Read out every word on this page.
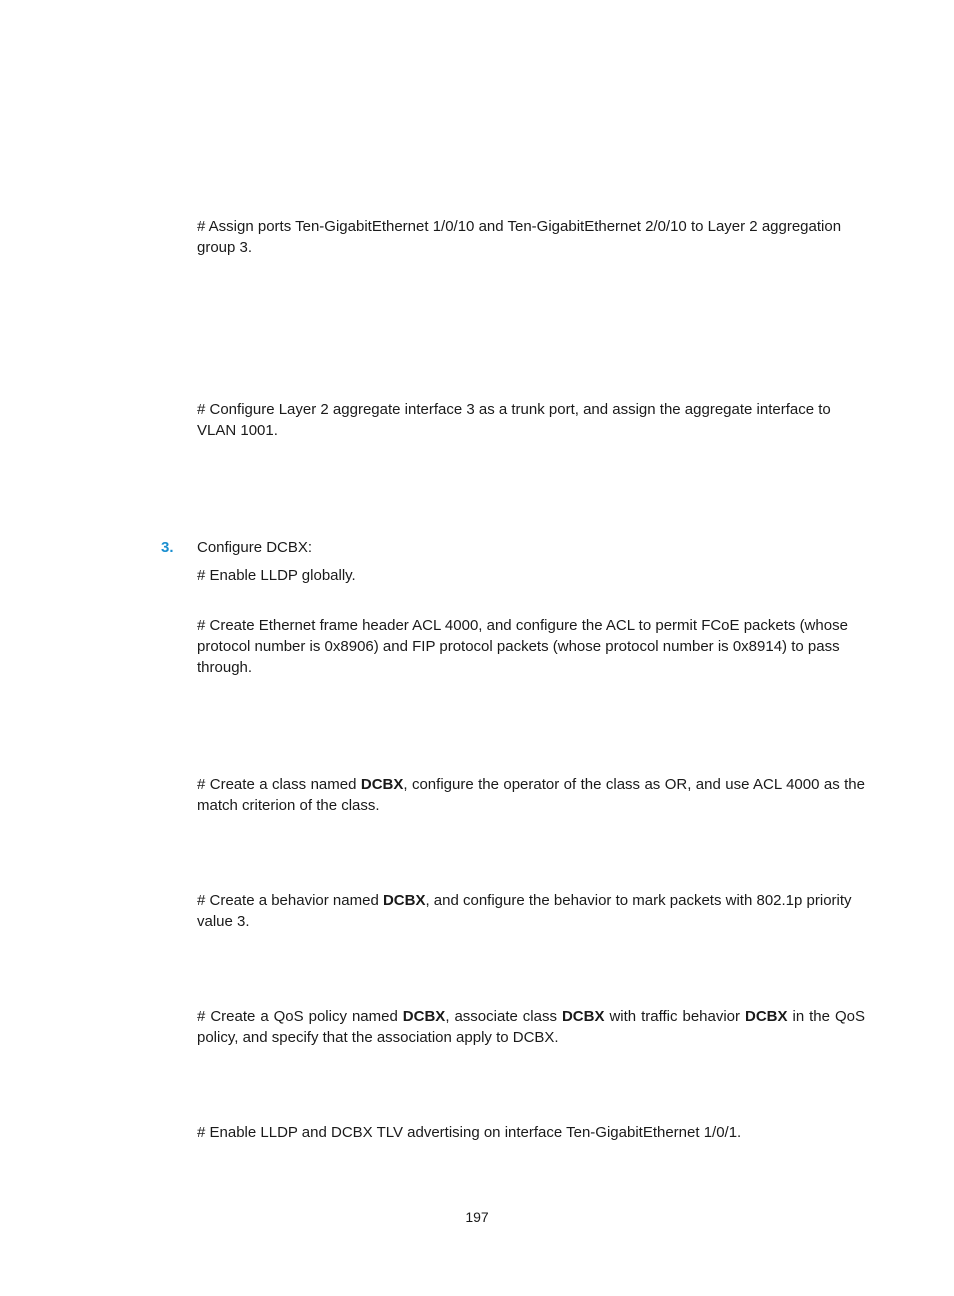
# Assign ports Ten-GigabitEthernet 1/0/10 and Ten-GigabitEthernet 2/0/10 to Layer 2 aggregation group 3.

# Configure Layer 2 aggregate interface 3 as a trunk port, and assign the aggregate interface to VLAN 1001.

3. Configure DCBX:

# Enable LLDP globally.

# Create Ethernet frame header ACL 4000, and configure the ACL to permit FCoE packets (whose protocol number is 0x8906) and FIP protocol packets (whose protocol number is 0x8914) to pass through.

# Create a class named DCBX, configure the operator of the class as OR, and use ACL 4000 as the match criterion of the class.

# Create a behavior named DCBX, and configure the behavior to mark packets with 802.1p priority value 3.

# Create a QoS policy named DCBX, associate class DCBX with traffic behavior DCBX in the QoS policy, and specify that the association apply to DCBX.

# Enable LLDP and DCBX TLV advertising on interface Ten-GigabitEthernet 1/0/1.

197
